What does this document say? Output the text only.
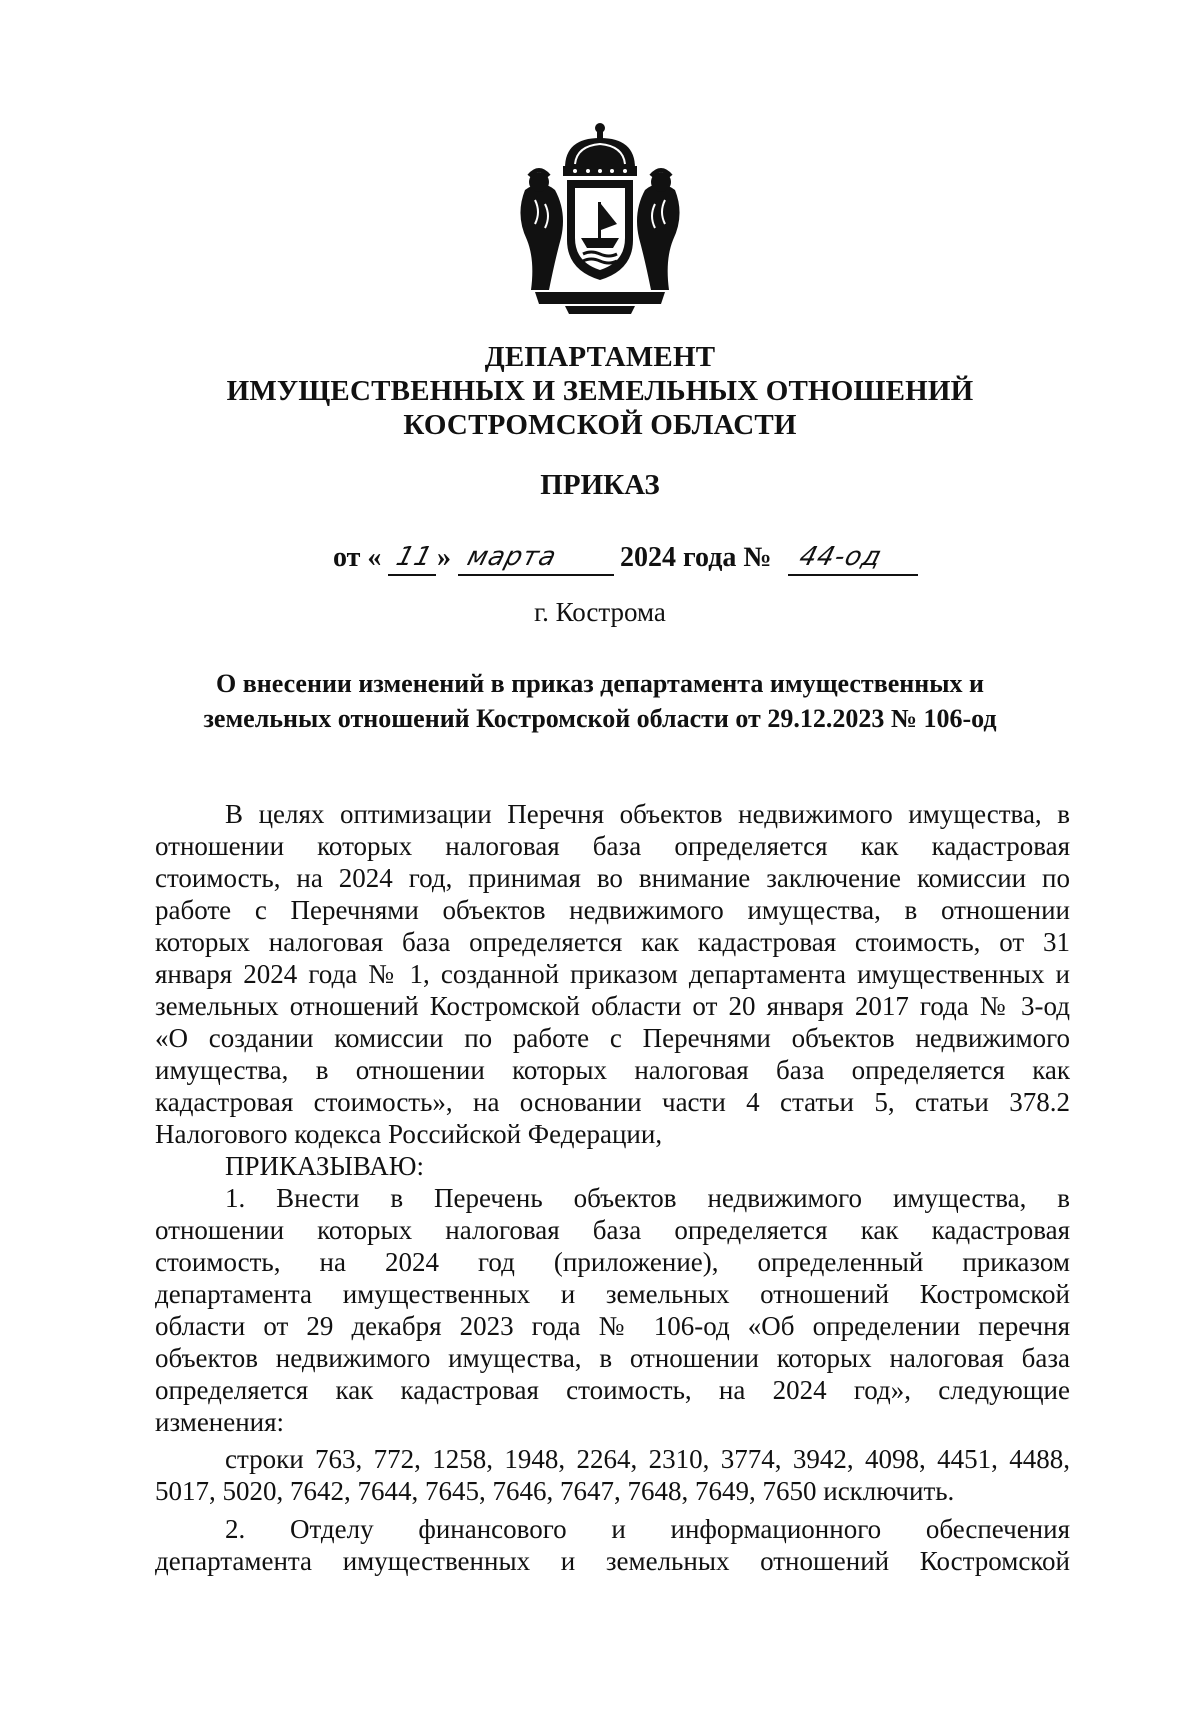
ДЕПАРТАМЕНТ
ИМУЩЕСТВЕННЫХ И ЗЕМЕЛЬНЫХ ОТНОШЕНИЙ
КОСТРОМСКОЙ ОБЛАСТИ
ПРИКАЗ
от « 11 » марта 2024 года № 44-од
г. Кострома
О внесении изменений в приказ департамента имущественных и
земельных отношений Костромской области от 29.12.2023 № 106-од
В целях оптимизации Перечня объектов недвижимого имущества, в
отношении которых налоговая база определяется как кадастровая
стоимость, на 2024 год, принимая во внимание заключение комиссии по
работе с Перечнями объектов недвижимого имущества, в отношении
которых налоговая база определяется как кадастровая стоимость, от 31
января 2024 года № 1, созданной приказом департамента имущественных и
земельных отношений Костромской области от 20 января 2017 года № 3-од
«О создании комиссии по работе с Перечнями объектов недвижимого
имущества, в отношении которых налоговая база определяется как
кадастровая стоимость», на основании части 4 статьи 5, статьи 378.2
Налогового кодекса Российской Федерации,
ПРИКАЗЫВАЮ:
1. Внести в Перечень объектов недвижимого имущества, в
отношении которых налоговая база определяется как кадастровая
стоимость, на 2024 год (приложение), определенный приказом
департамента имущественных и земельных отношений Костромской
области от 29 декабря 2023 года № 106-од «Об определении перечня
объектов недвижимого имущества, в отношении которых налоговая база
определяется как кадастровая стоимость, на 2024 год», следующие
изменения:
строки 763, 772, 1258, 1948, 2264, 2310, 3774, 3942, 4098, 4451, 4488,
5017, 5020, 7642, 7644, 7645, 7646, 7647, 7648, 7649, 7650 исключить.
2. Отделу финансового и информационного обеспечения
департамента имущественных и земельных отношений Костромской
